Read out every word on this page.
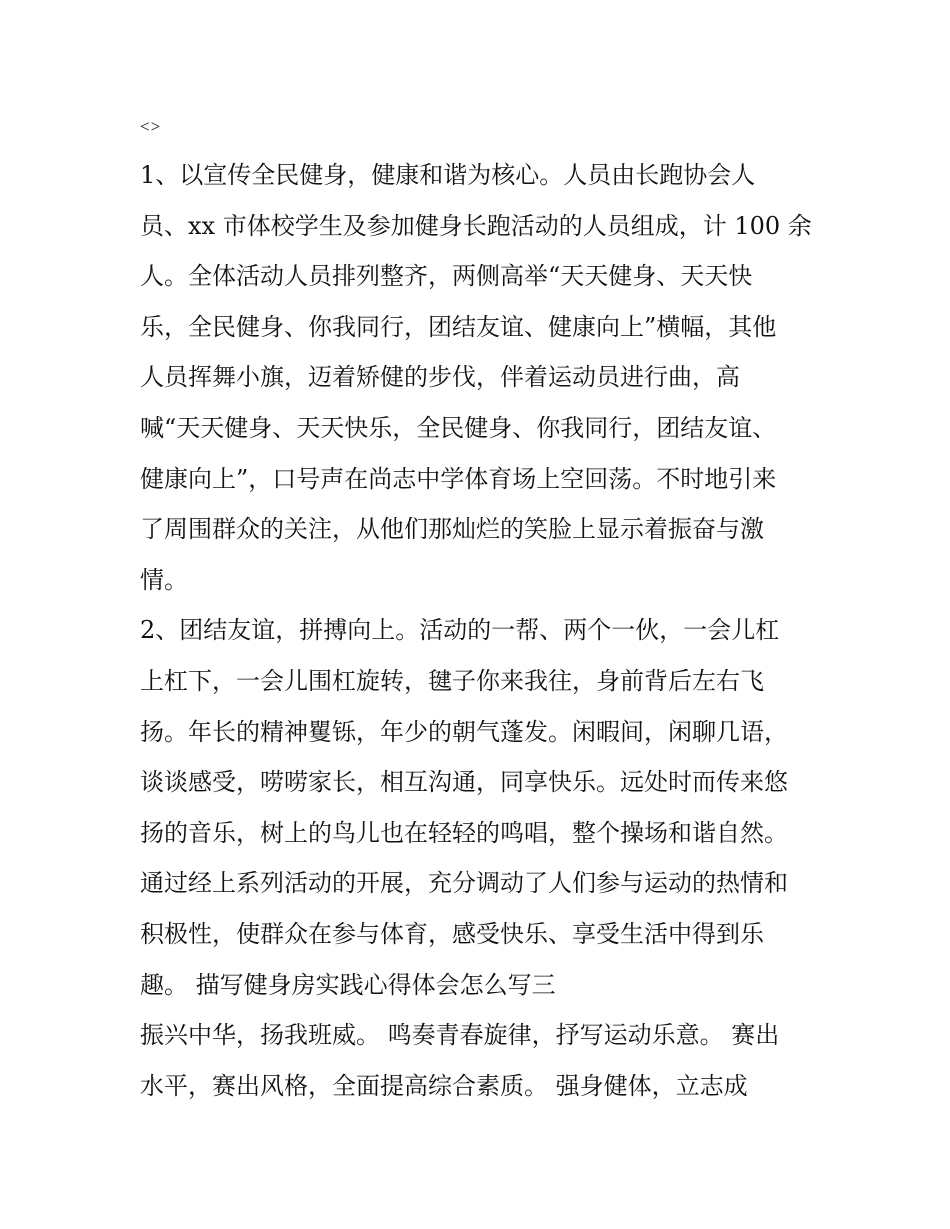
<>
1、以宣传全民健身，健康和谐为核心。人员由长跑协会人
员、xx 市体校学生及参加健身长跑活动的人员组成，计 100 余
人。全体活动人员排列整齐，两侧高举“天天健身、天天快
乐，全民健身、你我同行，团结友谊、健康向上”横幅，其他
人员挥舞小旗，迈着矫健的步伐，伴着运动员进行曲，高
喊“天天健身、天天快乐，全民健身、你我同行，团结友谊、
健康向上”，口号声在尚志中学体育场上空回荡。不时地引来
了周围群众的关注，从他们那灿烂的笑脸上显示着振奋与激
情。
2、团结友谊，拼搏向上。活动的一帮、两个一伙，一会儿杠
上杠下，一会儿围杠旋转，毽子你来我往，身前背后左右飞
扬。年长的精神矍铄，年少的朝气蓬发。闲暇间，闲聊几语，
谈谈感受，唠唠家长，相互沟通，同享快乐。远处时而传来悠
扬的音乐，树上的鸟儿也在轻轻的鸣唱，整个操场和谐自然。
通过经上系列活动的开展，充分调动了人们参与运动的热情和
积极性，使群众在参与体育，感受快乐、享受生活中得到乐
趣。 描写健身房实践心得体会怎么写三
振兴中华，扬我班威。 鸣奏青春旋律，抒写运动乐意。 赛出
水平，赛出风格，全面提高综合素质。 强身健体，立志成
